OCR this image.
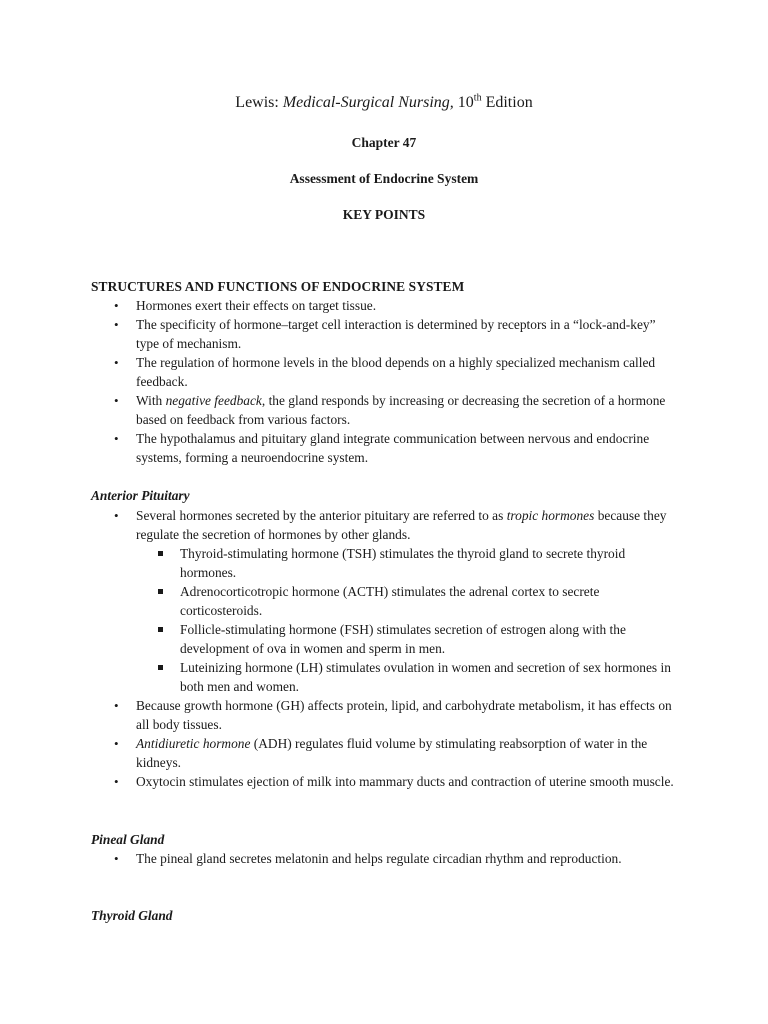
Lewis: Medical-Surgical Nursing, 10th Edition
Chapter 47
Assessment of Endocrine System
KEY POINTS
STRUCTURES AND FUNCTIONS OF ENDOCRINE SYSTEM
• Hormones exert their effects on target tissue.
• The specificity of hormone–target cell interaction is determined by receptors in a “lock-and-key” type of mechanism.
• The regulation of hormone levels in the blood depends on a highly specialized mechanism called feedback.
• With negative feedback, the gland responds by increasing or decreasing the secretion of a hormone based on feedback from various factors.
• The hypothalamus and pituitary gland integrate communication between nervous and endocrine systems, forming a neuroendocrine system.
Anterior Pituitary
• Several hormones secreted by the anterior pituitary are referred to as tropic hormones because they regulate the secretion of hormones by other glands.
Thyroid-stimulating hormone (TSH) stimulates the thyroid gland to secrete thyroid hormones.
Adrenocorticotropic hormone (ACTH) stimulates the adrenal cortex to secrete corticosteroids.
Follicle-stimulating hormone (FSH) stimulates secretion of estrogen along with the development of ova in women and sperm in men.
Luteinizing hormone (LH) stimulates ovulation in women and secretion of sex hormones in both men and women.
• Because growth hormone (GH) affects protein, lipid, and carbohydrate metabolism, it has effects on all body tissues.
• Antidiuretic hormone (ADH) regulates fluid volume by stimulating reabsorption of water in the kidneys.
• Oxytocin stimulates ejection of milk into mammary ducts and contraction of uterine smooth muscle.
Pineal Gland
• The pineal gland secretes melatonin and helps regulate circadian rhythm and reproduction.
Thyroid Gland
